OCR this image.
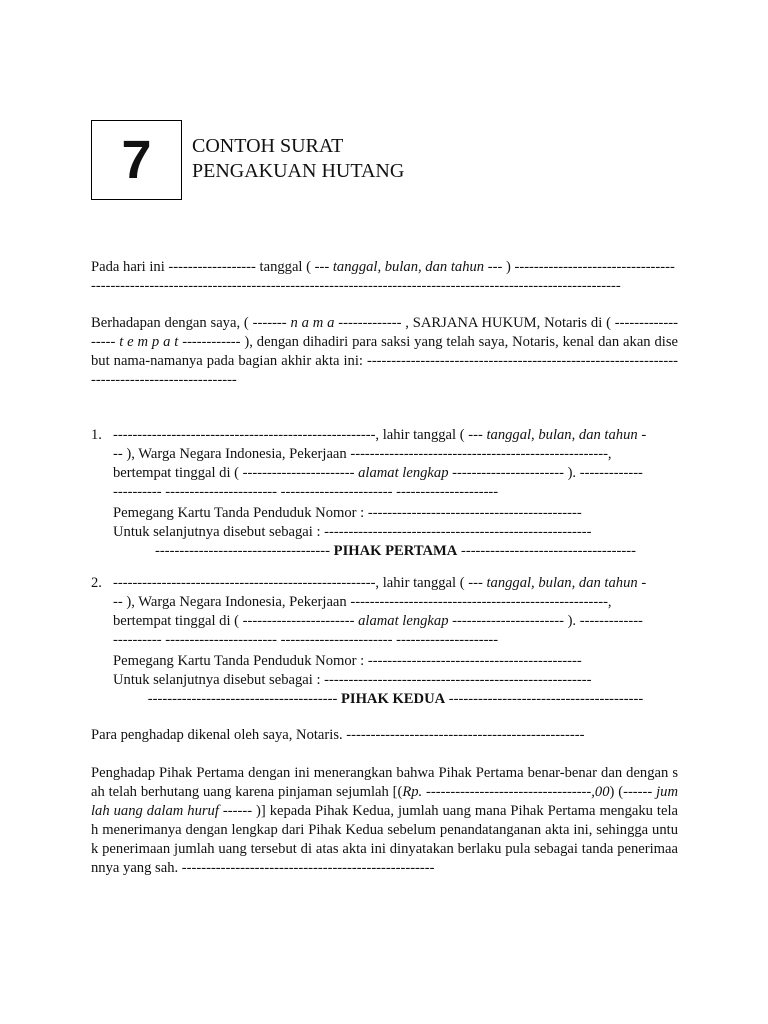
7 CONTOH SURAT
PENGAKUAN HUTANG
Pada hari ini ------------------ tanggal ( --- tanggal, bulan, dan tahun --- ) ----------------------------------------------------------------------------------------------------------------------------------------------
Berhadapan dengan saya, ( ------- n a m a ------------- , SARJANA HUKUM, Notaris di ( ------------------ t e m p a t ------------ ), dengan dihadiri para saksi yang telah saya, Notaris, kenal dan akan disebut nama-namanya pada bagian akhir akta ini: ----------------------------------------------------------------------------------------------
1. ------------------------------------------------------, lahir tanggal ( --- tanggal, bulan, dan tahun -
-- ), Warga Negara Indonesia, Pekerjaan -----------------------------------------------------,
bertempat tinggal di ( ----------------------- alamat lengkap ----------------------- ). -------------
---------- ----------------------- ----------------------- ---------------------
Pemegang Kartu Tanda Penduduk Nomor : --------------------------------------------
Untuk selanjutnya disebut sebagai : -------------------------------------------------------
------------------------------------ PIHAK PERTAMA ------------------------------------
2. ------------------------------------------------------, lahir tanggal ( --- tanggal, bulan, dan tahun -
-- ), Warga Negara Indonesia, Pekerjaan -----------------------------------------------------,
bertempat tinggal di ( ----------------------- alamat lengkap ----------------------- ). -------------
---------- ----------------------- ----------------------- ---------------------
Pemegang Kartu Tanda Penduduk Nomor : --------------------------------------------
Untuk selanjutnya disebut sebagai : -------------------------------------------------------
--------------------------------------- PIHAK KEDUA ----------------------------------------
Para penghadap dikenal oleh saya, Notaris. -------------------------------------------------
Penghadap Pihak Pertama dengan ini menerangkan bahwa Pihak Pertama benar-benar dan dengan sah telah berhutang uang karena pinjaman sejumlah [(Rp. ----------------------------------,00) (------ jumlah uang dalam huruf ------ )] kepada Pihak Kedua, jumlah uang mana Pihak Pertama mengaku telah menerimanya dengan lengkap dari Pihak Kedua sebelum penandatanganan akta ini, sehingga untuk penerimaan jumlah uang tersebut di atas akta ini dinyatakan berlaku pula sebagai tanda penerimaannya yang sah. ----------------------------------------------------
